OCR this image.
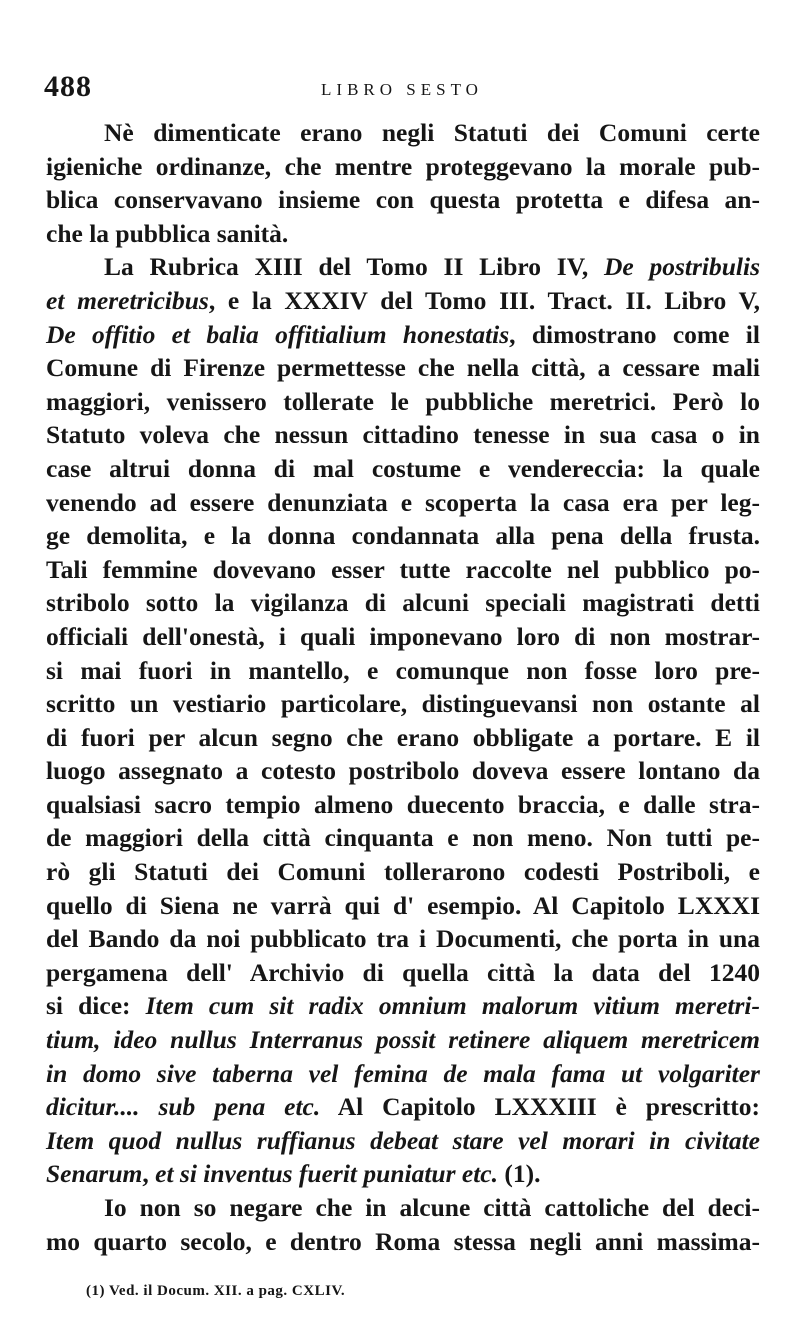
488	LIBRO SESTO
Nè dimenticate erano negli Statuti dei Comuni certe
igieniche ordinanze, che mentre proteggevano la morale pub-
blica conservavano insieme con questa protetta e difesa an-
che la pubblica sanità.
La Rubrica XIII del Tomo II Libro IV, De postribulis
et meretricibus, e la XXXIV del Tomo III. Tract. II. Libro V,
De offitio et balia offitialium honestatis, dimostrano come il
Comune di Firenze permettesse che nella città, a cessare mali
maggiori, venissero tollerate le pubbliche meretrici. Però lo
Statuto voleva che nessun cittadino tenesse in sua casa o in
case altrui donna di mal costume e vendereccia: la quale
venendo ad essere denunziata e scoperta la casa era per leg-
ge demolita, e la donna condannata alla pena della frusta.
Tali femmine dovevano esser tutte raccolte nel pubblico po-
stribolo sotto la vigilanza di alcuni speciali magistrati detti
officiali dell'onestà, i quali imponevano loro di non mostrar-
si mai fuori in mantello, e comunque non fosse loro pre-
scritto un vestiario particolare, distinguevansi non ostante al
di fuori per alcun segno che erano obbligate a portare. E il
luogo assegnato a cotesto postribolo doveva essere lontano da
qualsiasi sacro tempio almeno duecento braccia, e dalle stra-
de maggiori della città cinquanta e non meno. Non tutti pe-
rò gli Statuti dei Comuni tollerarono codesti Postriboli, e
quello di Siena ne varrà qui d' esempio. Al Capitolo LXXXI
del Bando da noi pubblicato tra i Documenti, che porta in una
pergamena dell' Archivio di quella città la data del 1240
si dice: Item cum sit radix omnium malorum vitium meretri-
tium, ideo nullus Interranus possit retinere aliquem meretricem
in domo sive taberna vel femina de mala fama ut volgariter
dicitur.... sub pena etc. Al Capitolo LXXXIII è prescritto:
Item quod nullus ruffianus debeat stare vel morari in civitate
Senarum, et si inventus fuerit puniatur etc. (1).
Io non so negare che in alcune città cattoliche del deci-
mo quarto secolo, e dentro Roma stessa negli anni massima-
(1) Ved. il Docum. XII. a pag. CXLIV.
